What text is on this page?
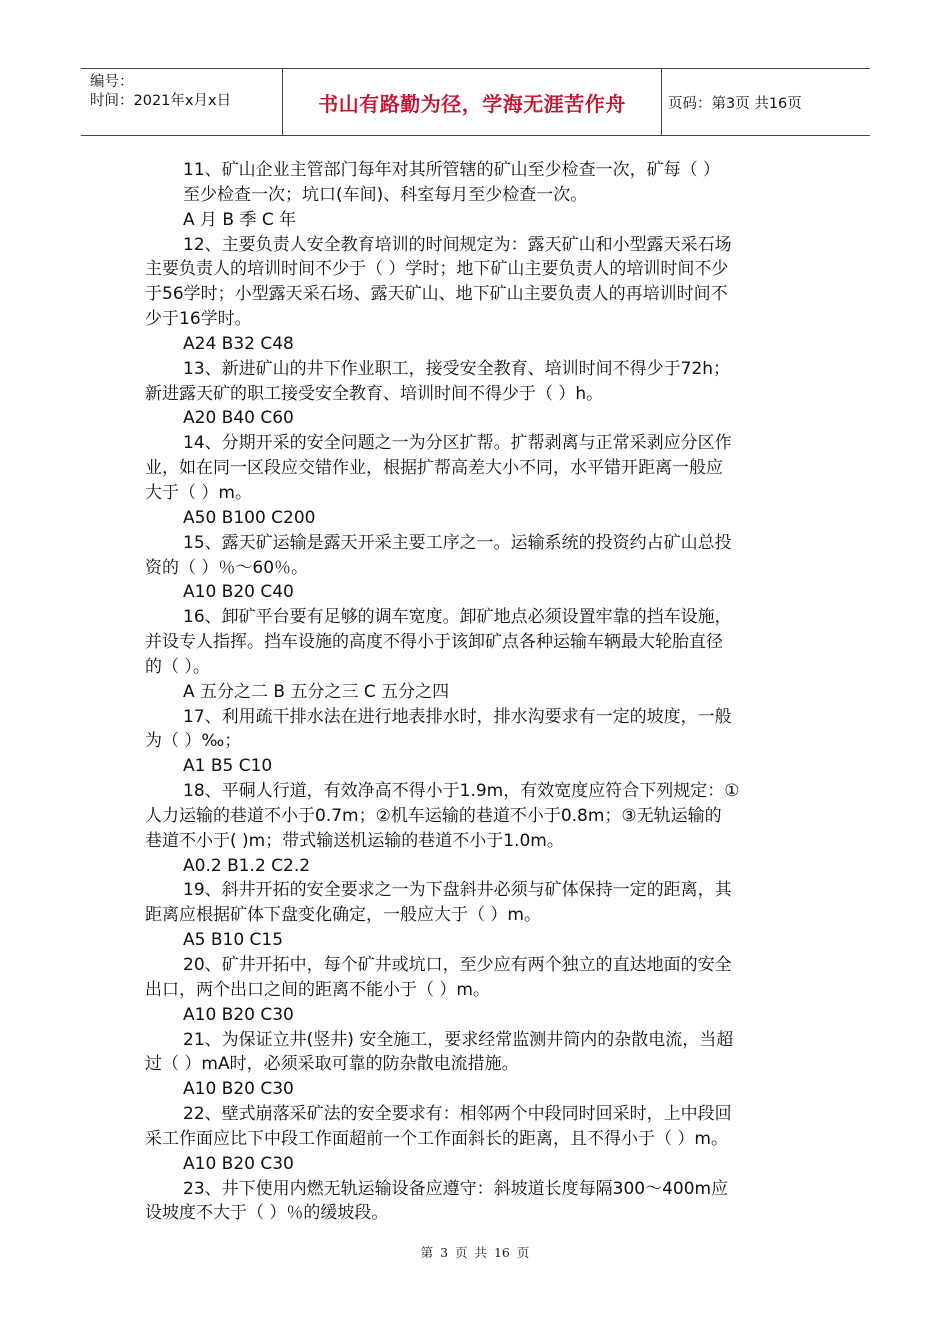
编号：
时间：2021年x月x日	书山有路勤为径，学海无涯苦作舟	页码：第3页 共16页
11、矿山企业主管部门每年对其所管辖的矿山至少检查一次，矿每（ ）
至少检查一次；坑口(车间)、科室每月至少检查一次。
A 月 B 季 C 年
12、主要负责人安全教育培训的时间规定为：露天矿山和小型露天采石场
主要负责人的培训时间不少于（ ）学时；地下矿山主要负责人的培训时间不少
于56学时；小型露天采石场、露天矿山、地下矿山主要负责人的再培训时间不
少于16学时。
A24 B32 C48
13、新进矿山的井下作业职工，接受安全教育、培训时间不得少于72h；
新进露天矿的职工接受安全教育、培训时间不得少于（ ）h。
A20 B40 C60
14、分期开采的安全问题之一为分区扩帮。扩帮剥离与正常采剥应分区作
业，如在同一区段应交错作业，根据扩帮高差大小不同，水平错开距离一般应
大于（ ）m。
A50 B100 C200
15、露天矿运输是露天开采主要工序之一。运输系统的投资约占矿山总投
资的（ ）％～60％。
A10 B20 C40
16、卸矿平台要有足够的调车宽度。卸矿地点必须设置牢靠的挡车设施，
并设专人指挥。挡车设施的高度不得小于该卸矿点各种运输车辆最大轮胎直径
的（ ）。
A 五分之二 B 五分之三 C 五分之四
17、利用疏干排水法在进行地表排水时，排水沟要求有一定的坡度，一般
为（ ）‰；
A1 B5 C10
18、平硐人行道，有效净高不得小于1.9m，有效宽度应符合下列规定：①
人力运输的巷道不小于0.7m；②机车运输的巷道不小于0.8m；③无轨运输的
巷道不小于( )m；带式输送机运输的巷道不小于1.0m。
A0.2 B1.2 C2.2
19、斜井开拓的安全要求之一为下盘斜井必须与矿体保持一定的距离，其
距离应根据矿体下盘变化确定，一般应大于（ ）m。
A5 B10 C15
20、矿井开拓中，每个矿井或坑口，至少应有两个独立的直达地面的安全
出口，两个出口之间的距离不能小于（ ）m。
A10 B20 C30
21、为保证立井(竖井) 安全施工，要求经常监测井筒内的杂散电流，当超
过（ ）mA时，必须采取可靠的防杂散电流措施。
A10 B20 C30
22、壁式崩落采矿法的安全要求有：相邻两个中段同时回采时，上中段回
采工作面应比下中段工作面超前一个工作面斜长的距离，且不得小于（ ）m。
A10 B20 C30
23、井下使用内燃无轨运输设备应遵守：斜坡道长度每隔300～400m应
设坡度不大于（ ）％的缓坡段。
第 3 页 共 16 页
